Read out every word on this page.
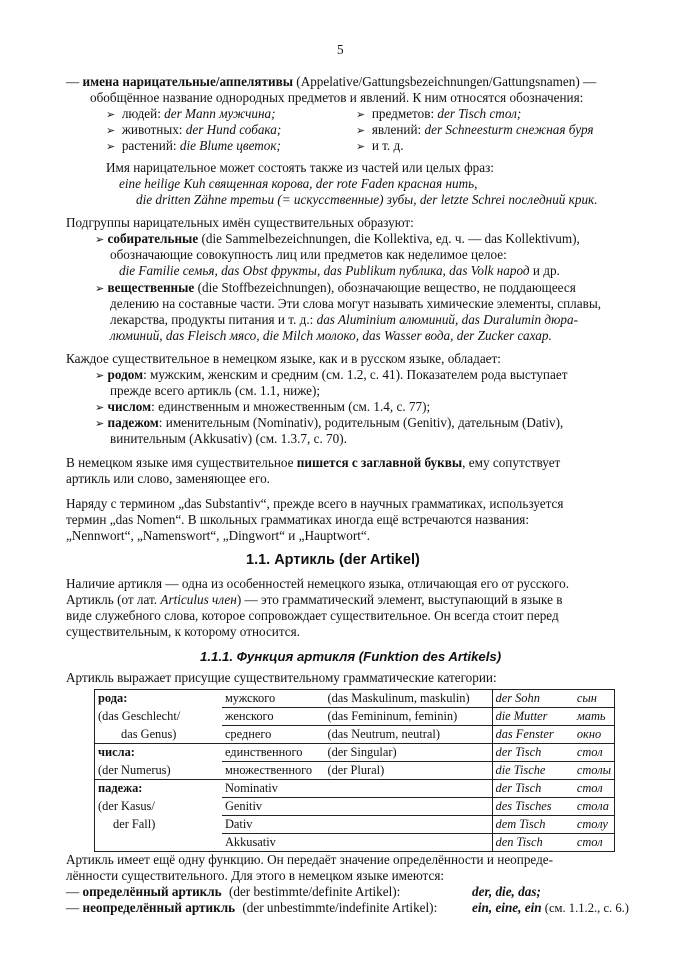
5
— имена нарицательные/аппелятивы (Appelative/Gattungsbezeichnungen/Gattungsnamen) —
обобщённое название однородных предметов и явлений. К ним относятся обозначения:
➢ людей: der Mann мужчина;	➢ предметов: der Tisch стол;
➢ животных: der Hund собака;	➢ явлений: der Schneesturm снежная буря
➢ растений: die Blume цветок;	➢ и т. д.
Имя нарицательное может состоять также из частей или целых фраз:
eine heilige Kuh священная корова, der rote Faden красная нить,
die dritten Zähne третьи (= искусственные) зубы, der letzte Schrei последний крик.
Подгруппы нарицательных имён существительных образуют:
➢ собирательные (die Sammelbezeichnungen, die Kollektiva, ед. ч. — das Kollektivum),
обозначающие совокупность лиц или предметов как неделимое целое:
die Familie семья, das Obst фрукты, das Publikum публика, das Volk народ и др.
➢ вещественные (die Stoffbezeichnungen), обозначающие вещество, не поддающееся
делению на составные части. Эти слова могут называть химические элементы, сплавы,
лекарства, продукты питания и т. д.: das Aluminium алюминий, das Duralumin дюра-
люминий, das Fleisch мясо, die Milch молоко, das Wasser вода, der Zucker сахар.
Каждое существительное в немецком языке, как и в русском языке, обладает:
➢ родом: мужским, женским и средним (см. 1.2, с. 41). Показателем рода выступает
прежде всего артикль (см. 1.1, ниже);
➢ числом: единственным и множественным (см. 1.4, с. 77);
➢ падежом: именительным (Nominativ), родительным (Genitiv), дательным (Dativ),
винительным (Akkusativ) (см. 1.3.7, с. 70).
В немецком языке имя существительное пишется с заглавной буквы, ему сопутствует
артикль или слово, заменяющее его.
Наряду с термином „das Substantiv“, прежде всего в научных грамматиках, используется
термин „das Nomen“. В школьных грамматиках иногда ещё встречаются названия:
„Nennwort“, „Namenswort“, „Dingwort“ и „Hauptwort“.
1.1. Артикль (der Artikel)
Наличие артикля — одна из особенностей немецкого языка, отличающая его от русского.
Артикль (от лат. Articulus член) — это грамматический элемент, выступающий в языке в
виде служебного слова, которое сопровождает существительное. Он всегда стоит перед
существительным, к которому относится.
1.1.1. Функция артикля (Funktion des Artikels)
Артикль выражает присущие существительному грамматические категории:
рода:	мужского	(das Maskulinum, maskulin)	der Sohn	сын
(das Geschlecht/	женского	(das Femininum, feminin)	die Mutter	мать
das Genus)	среднего	(das Neutrum, neutral)	das Fenster	окно
числа:	единственного	(der Singular)	der Tisch	стол
(der Numerus)	множественного	(der Plural)	die Tische	столы
падежа:	Nominativ		der Tisch	стол
(der Kasus/	Genitiv		des Tisches	стола
der Fall)	Dativ		dem Tisch	столу
	Akkusativ		den Tisch	стол
Артикль имеет ещё одну функцию. Он передаёт значение определённости и неопреде-
лённости существительного. Для этого в немецком языке имеются:
— определённый артикль (der bestimmte/definite Artikel):	der, die, das;
— неопределённый артикль (der unbestimmte/indefinite Artikel):	ein, eine, ein (см. 1.1.2., с. 6.)
